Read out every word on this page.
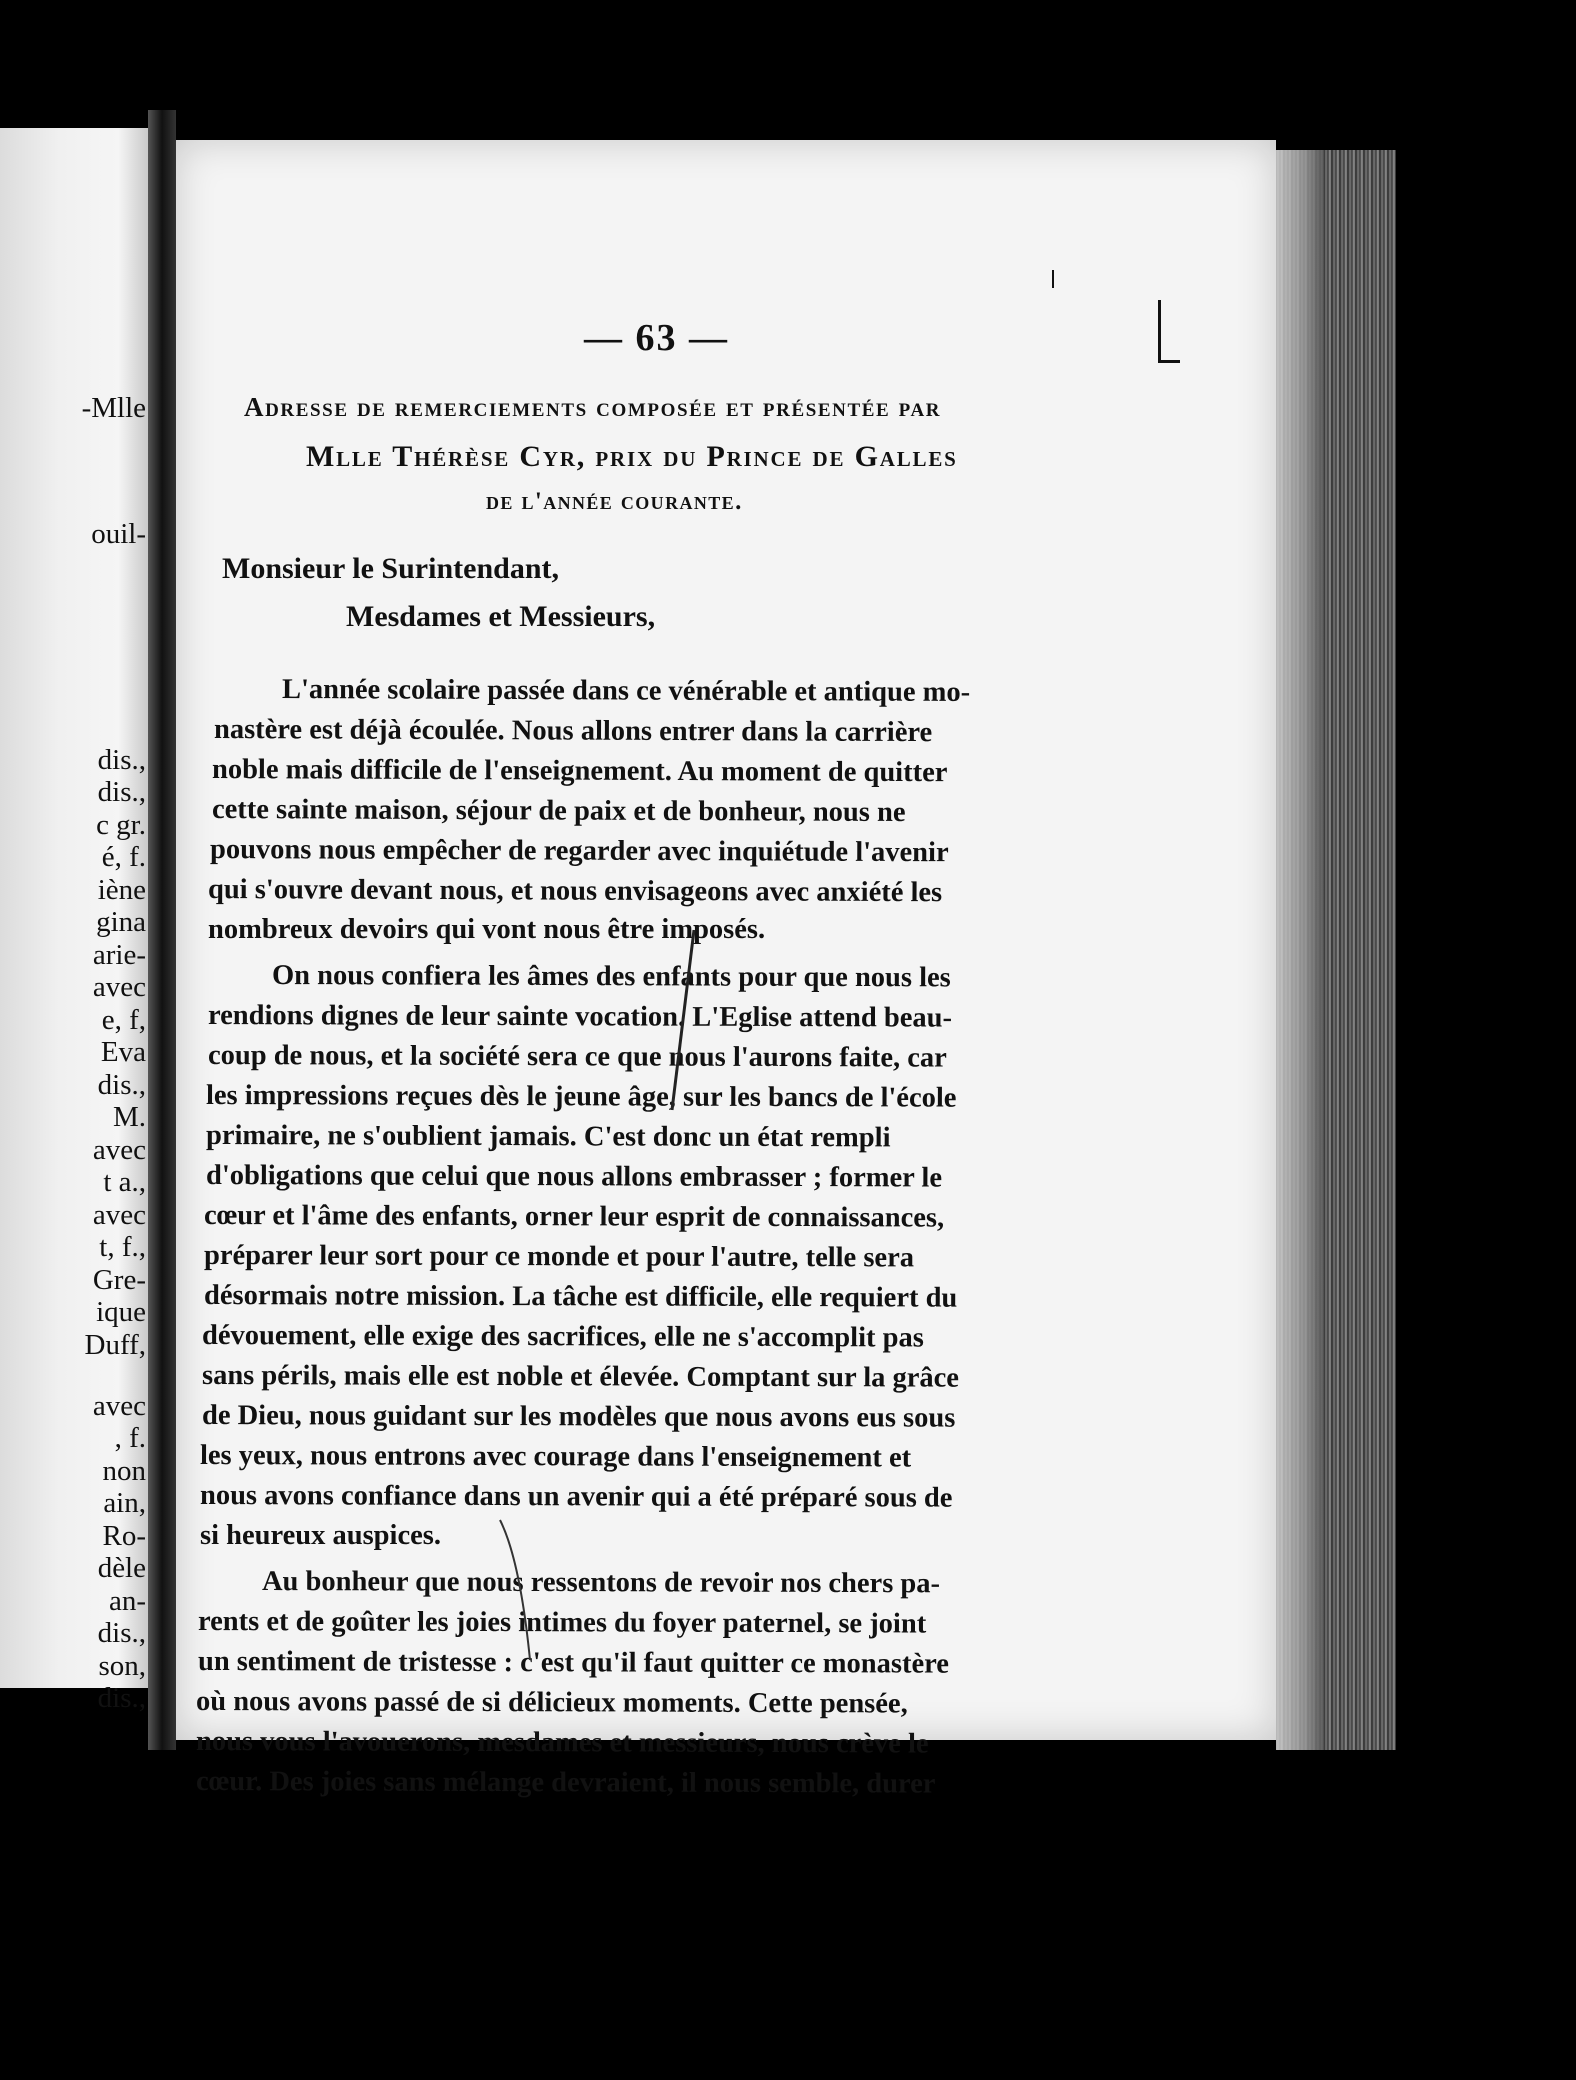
-Mlle
ouil-
dis.,
dis.,
c gr.
é, f.
iène
gina
arie-
avec
e, f,
Eva
dis.,
M.
avec
t a.,
avec
t, f.,
Gre-
ique
Duff,
avec
, f.
non
ain,
Ro-
dèle
an-
dis.,
son,
dis.,
— 63 —
Adresse de remerciements composée et présentée par
Mlle Thérèse Cyr, prix du Prince de Galles
de l'année courante.
Monsieur le Surintendant,
Mesdames et Messieurs,
L'année scolaire passée dans ce vénérable et antique mo-
nastère est déjà écoulée. Nous allons entrer dans la carrière
noble mais difficile de l'enseignement. Au moment de quitter
cette sainte maison, séjour de paix et de bonheur, nous ne
pouvons nous empêcher de regarder avec inquiétude l'avenir
qui s'ouvre devant nous, et nous envisageons avec anxiété les
nombreux devoirs qui vont nous être imposés.
On nous confiera les âmes des enfants pour que nous les
rendions dignes de leur sainte vocation. L'Eglise attend beau-
coup de nous, et la société sera ce que nous l'aurons faite, car
les impressions reçues dès le jeune âge, sur les bancs de l'école
primaire, ne s'oublient jamais. C'est donc un état rempli
d'obligations que celui que nous allons embrasser ; former le
cœur et l'âme des enfants, orner leur esprit de connaissances,
préparer leur sort pour ce monde et pour l'autre, telle sera
désormais notre mission. La tâche est difficile, elle requiert du
dévouement, elle exige des sacrifices, elle ne s'accomplit pas
sans périls, mais elle est noble et élevée. Comptant sur la grâce
de Dieu, nous guidant sur les modèles que nous avons eus sous
les yeux, nous entrons avec courage dans l'enseignement et
nous avons confiance dans un avenir qui a été préparé sous de
si heureux auspices.
Au bonheur que nous ressentons de revoir nos chers pa-
rents et de goûter les joies intimes du foyer paternel, se joint
un sentiment de tristesse : c'est qu'il faut quitter ce monastère
où nous avons passé de si délicieux moments. Cette pensée,
nous vous l'avouerons, mesdames et messieurs, nous crève le
cœur. Des joies sans mélange devraient, il nous semble, durer
